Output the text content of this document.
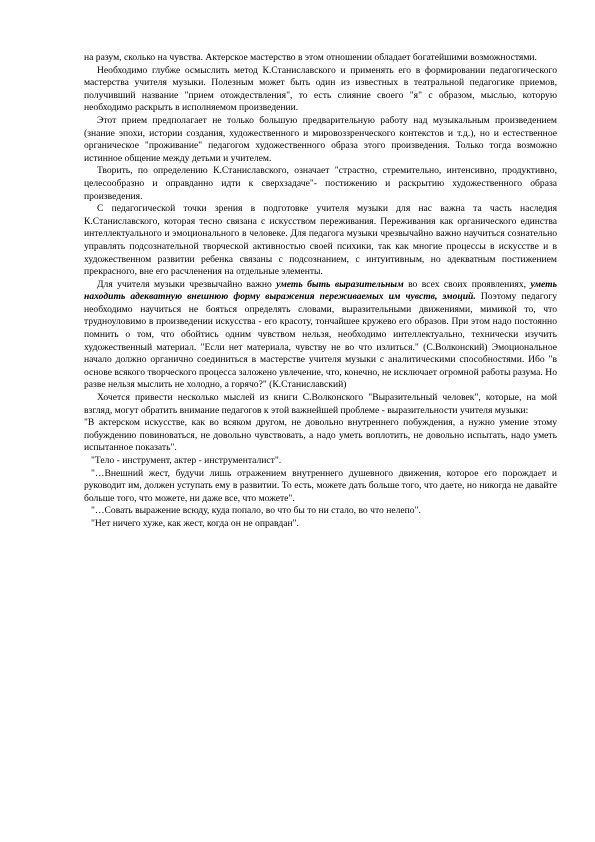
на разум, сколько на чувства. Актерское мастерство в этом отношении обладает богатейшими возможностями.

Необходимо глубже осмыслить метод К.Станиславского и применять его в формировании педагогического мастерства учителя музыки. Полезным может быть один из известных в театральной педагогике приемов, получивший название "прием отождествления", то есть слияние своего "я" с образом, мыслью, которую необходимо раскрыть в исполняемом произведении.

Этот прием предполагает не только большую предварительную работу над музыкальным произведением (знание эпохи, истории создания, художественного и мировоззренческого контекстов и т.д.), но и естественное органическое "проживание" педагогом художественного образа этого произведения. Только тогда возможно истинное общение между детьми и учителем.

Творить, по определению К.Станиславского, означает "страстно, стремительно, интенсивно, продуктивно, целесообразно и оправданно идти к сверхзадаче"- постижению и раскрытию художественного образа произведения.

С педагогической точки зрения в подготовке учителя музыки для нас важна та часть наследия К.Станиславского, которая тесно связана с искусством переживания. Переживания как органического единства интеллектуального и эмоционального в человеке. Для педагога музыки чрезвычайно важно научиться сознательно управлять подсознательной творческой активностью своей психики, так как многие процессы в искусстве и в художественном развитии ребенка связаны с подсознанием, с интуитивным, но адекватным постижением прекрасного, вне его расчленения на отдельные элементы.

Для учителя музыки чрезвычайно важно уметь быть выразительным во всех своих проявлениях, уметь находить адекватную внешнюю форму выражения переживаемых им чувств, эмоций. Поэтому педагогу необходимо научиться не бояться определять словами, выразительными движениями, мимикой то, что трудноуловимо в произведении искусства - его красоту, тончайшее кружево его образов. При этом надо постоянно помнить о том, что обойтись одним чувством нельзя, необходимо интеллектуально, технически изучить художественный материал. "Если нет материала, чувству не во что излиться." (С.Волконский) Эмоциональное начало должно органично соединиться в мастерстве учителя музыки с аналитическими способностями. Ибо "в основе всякого творческого процесса заложено увлечение, что, конечно, не исключает огромной работы разума. Но разве нельзя мыслить не холодно, а горячо?" (К.Станиславский)

Хочется привести несколько мыслей из книги С.Волконского "Выразительный человек", которые, на мой взгляд, могут обратить внимание педагогов к этой важнейшей проблеме - выразительности учителя музыки:

"В актерском искусстве, как во всяком другом, не довольно внутреннего побуждения, а нужно умение этому побуждению повиноваться, не довольно чувствовать, а надо уметь воплотить, не довольно испытать, надо уметь испытанное показать".

"Тело - инструмент, актер - инструменталист".

"…Внешний жест, будучи лишь отражением внутреннего душевного движения, которое его порождает и руководит им, должен уступать ему в развитии. То есть, можете дать больше того, что даете, но никогда не давайте больше того, что можете, ни даже все, что можете".

"…Совать выражение всюду, куда попало, во что бы то ни стало, во что нелепо".

"Нет ничего хуже, как жест, когда он не оправдан".
